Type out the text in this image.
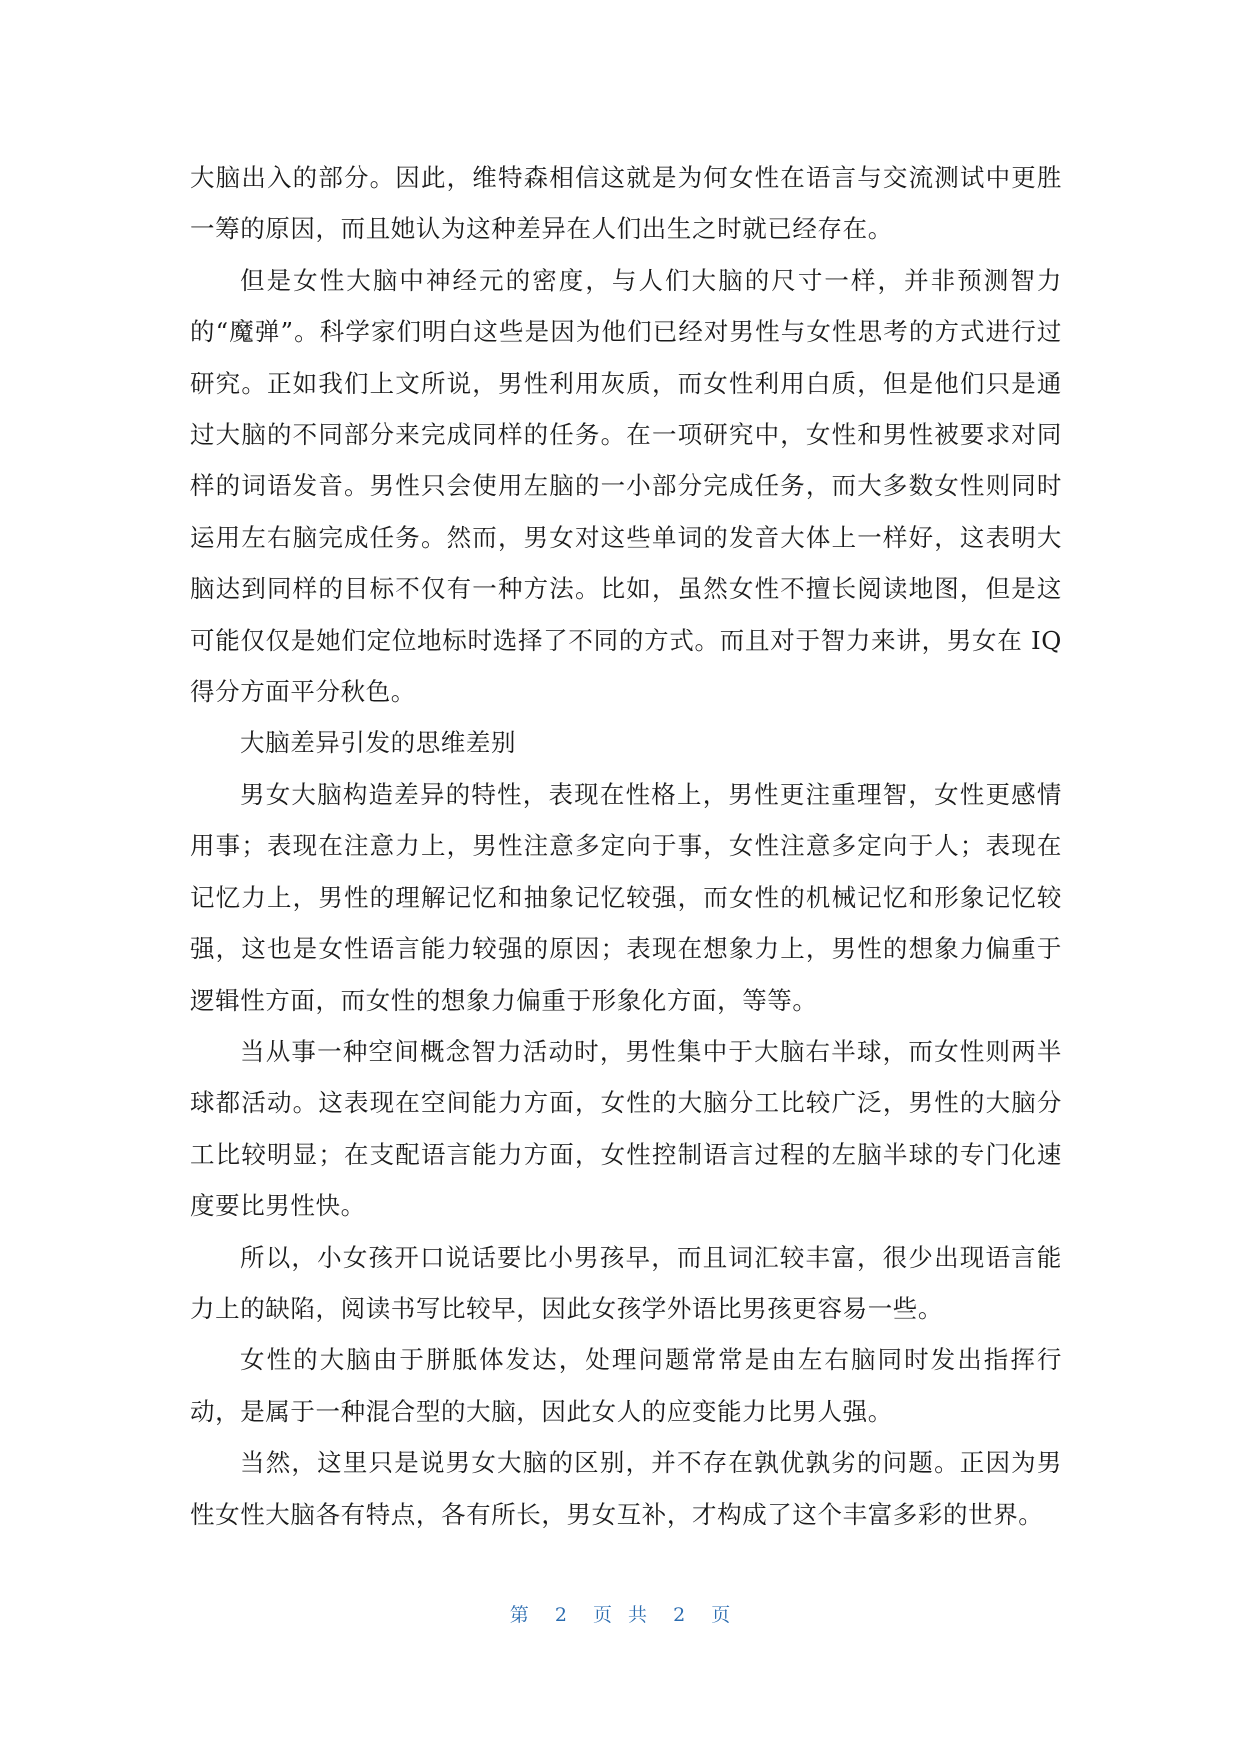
大脑出入的部分。因此，维特森相信这就是为何女性在语言与交流测试中更胜一筹的原因，而且她认为这种差异在人们出生之时就已经存在。

但是女性大脑中神经元的密度，与人们大脑的尺寸一样，并非预测智力的“魔弹”。科学家们明白这些是因为他们已经对男性与女性思考的方式进行过研究。正如我们上文所说，男性利用灰质，而女性利用白质，但是他们只是通过大脑的不同部分来完成同样的任务。在一项研究中，女性和男性被要求对同样的词语发音。男性只会使用左脑的一小部分完成任务，而大多数女性则同时运用左右脑完成任务。然而，男女对这些单词的发音大体上一样好，这表明大脑达到同样的目标不仅有一种方法。比如，虽然女性不擅长阅读地图，但是这可能仅仅是她们定位地标时选择了不同的方式。而且对于智力来讲，男女在 IQ 得分方面平分秋色。

大脑差异引发的思维差别

男女大脑构造差异的特性，表现在性格上，男性更注重理智，女性更感情用事；表现在注意力上，男性注意多定向于事，女性注意多定向于人；表现在记忆力上，男性的理解记忆和抽象记忆较强，而女性的机械记忆和形象记忆较强，这也是女性语言能力较强的原因；表现在想象力上，男性的想象力偏重于逻辑性方面，而女性的想象力偏重于形象化方面，等等。

当从事一种空间概念智力活动时，男性集中于大脑右半球，而女性则两半球都活动。这表现在空间能力方面，女性的大脑分工比较广泛，男性的大脑分工比较明显；在支配语言能力方面，女性控制语言过程的左脑半球的专门化速度要比男性快。

所以，小女孩开口说话要比小男孩早，而且词汇较丰富，很少出现语言能力上的缺陷，阅读书写比较早，因此女孩学外语比男孩更容易一些。

女性的大脑由于胼胝体发达，处理问题常常是由左右脑同时发出指挥行动，是属于一种混合型的大脑，因此女人的应变能力比男人强。

当然，这里只是说男女大脑的区别，并不存在孰优孰劣的问题。正因为男性女性大脑各有特点，各有所长，男女互补，才构成了这个丰富多彩的世界。

第 2 页 共 2 页
